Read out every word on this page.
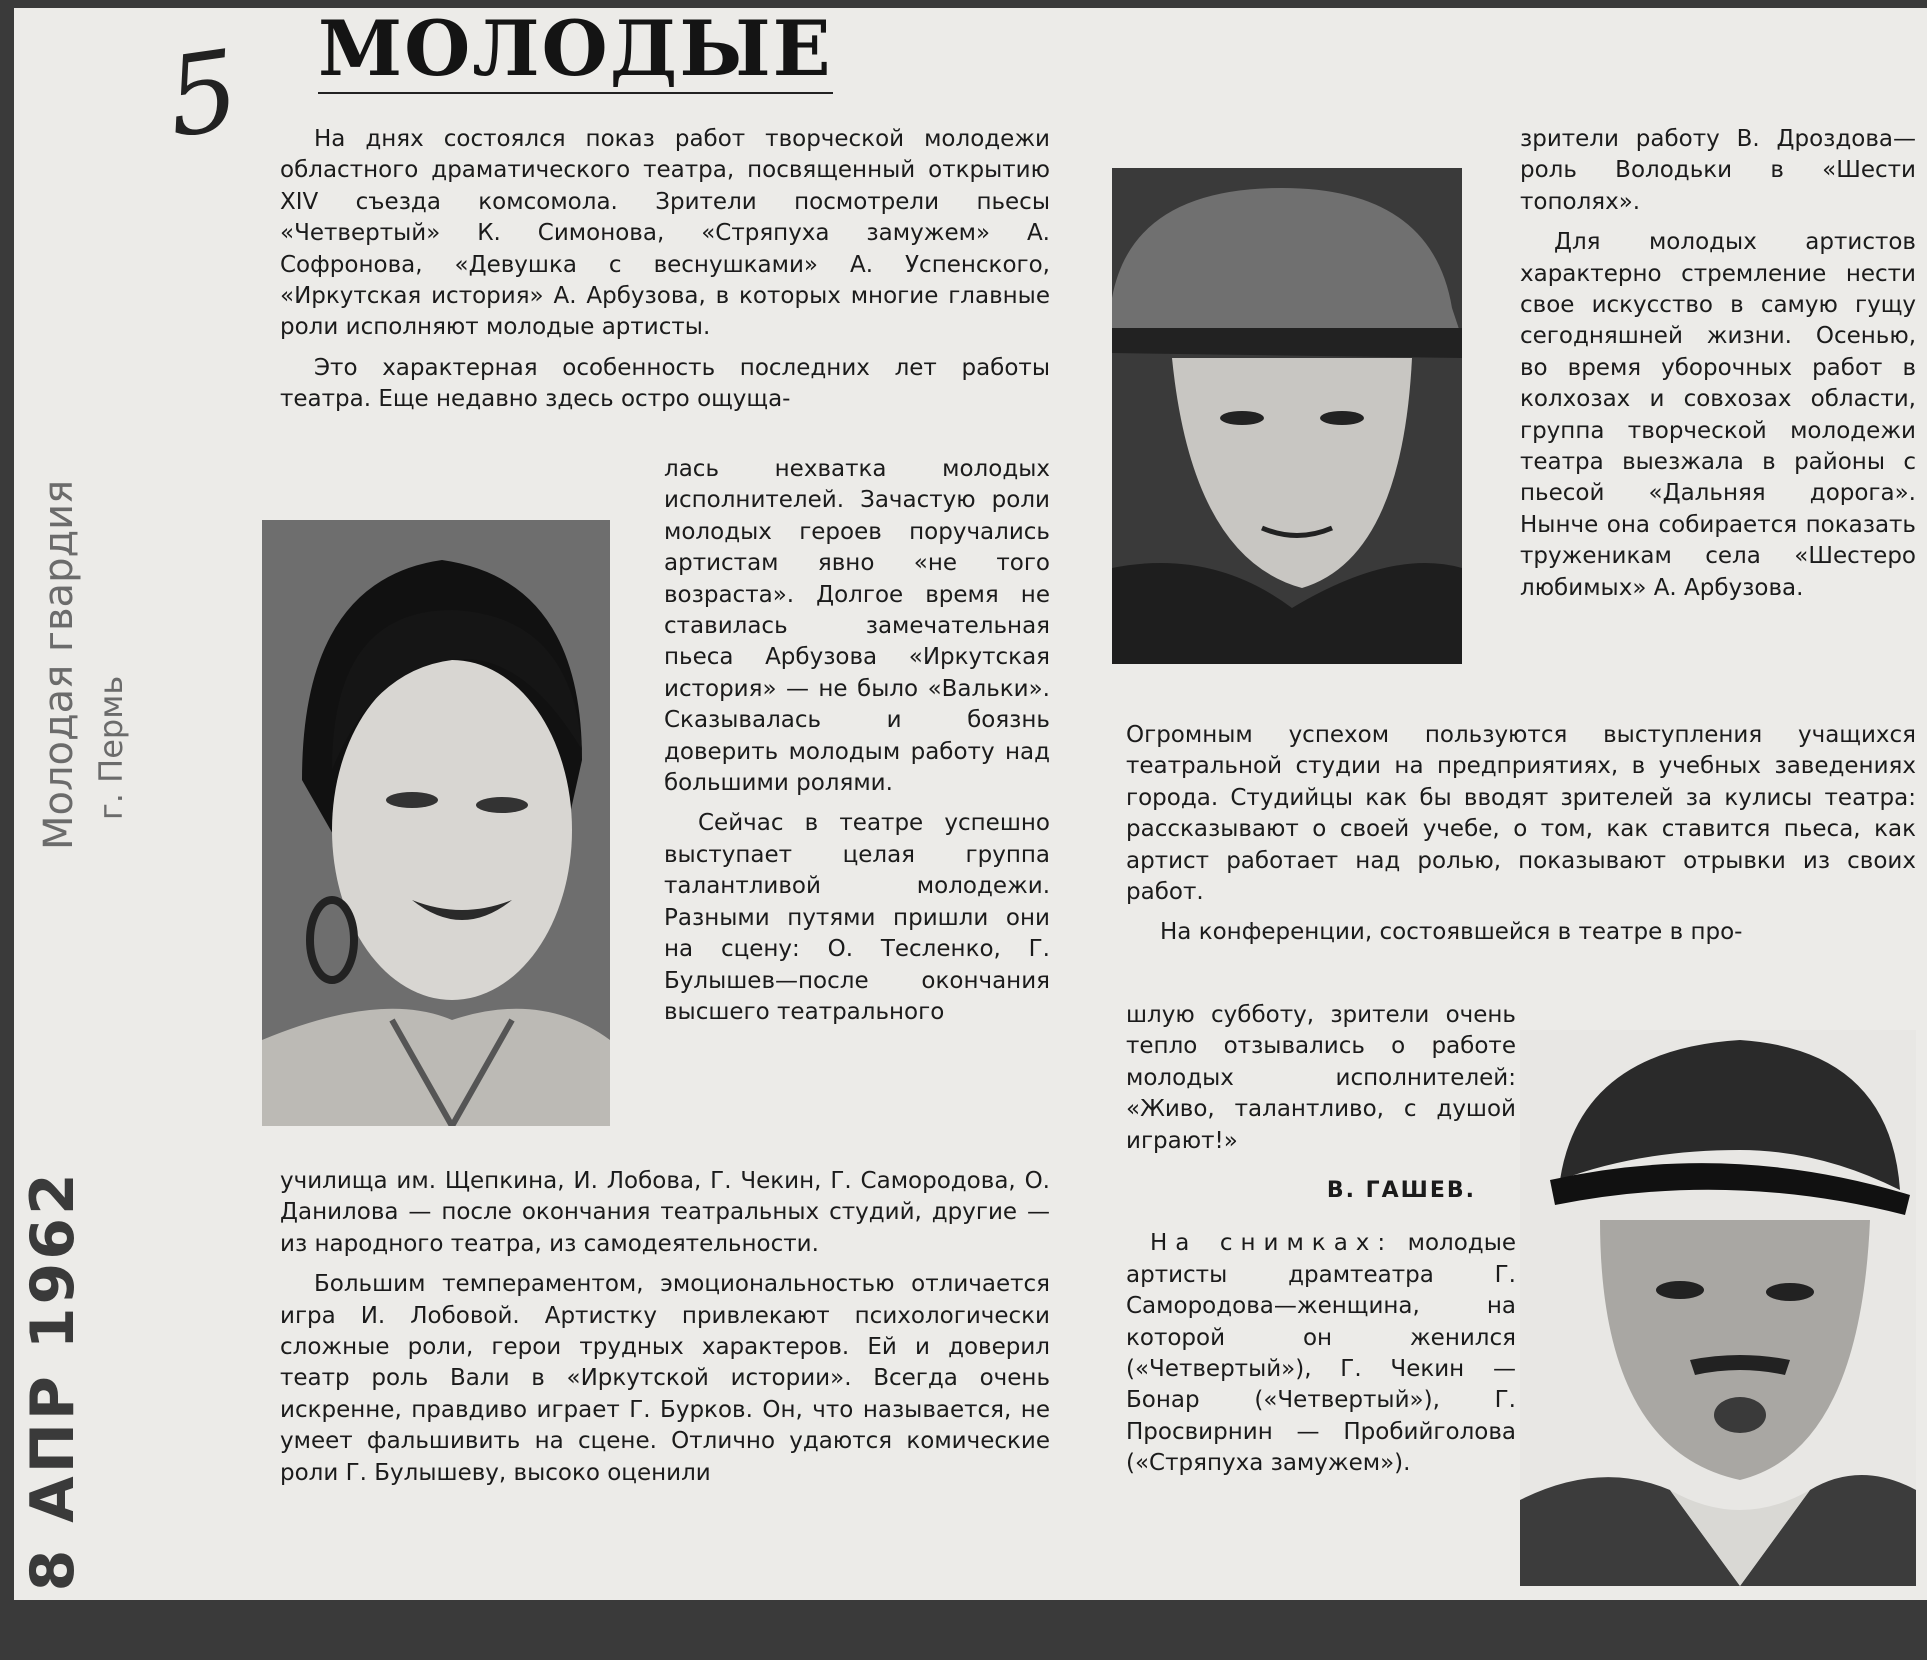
5 МОЛОДЫЕ
Молодая гвардия г. Пермь
1 8 АПР 1962

На днях состоялся показ работ творческой молодежи областного драматического театра, посвященный открытию XIV съезда комсомола. Зрители посмотрели пьесы «Четвертый» К. Симонова, «Стряпуха замужем» А. Софронова, «Девушка с веснушками» А. Успенского, «Иркутская история» А. Арбузова, в которых многие главные роли исполняют молодые артисты.

Это характерная особенность последних лет работы театра. Еще недавно здесь остро ощуща-

лась нехватка молодых исполнителей. Зачастую роли молодых героев поручались артистам явно «не того возраста». Долгое время не ставилась замечательная пьеса Арбузова «Иркутская история» — не было «Вальки». Сказывалась и боязнь доверить молодым работу над большими ролями.

Сейчас в театре успешно выступает целая группа талантливой молодежи. Разными путями пришли они на сцену: О. Тесленко, Г. Булышев—после окончания высшего театрального

училища им. Щепкина, И. Лобова, Г. Чекин, Г. Самородова, О. Данилова — после окончания театральных студий, другие — из народного театра, из самодеятельности.

Большим темпераментом, эмоциональностью отличается игра И. Лобовой. Артистку привлекают психологически сложные роли, герои трудных характеров. Ей и доверил театр роль Вали в «Иркутской истории». Всегда очень искренне, правдиво играет Г. Бурков. Он, что называется, не умеет фальшивить на сцене. Отлично удаются комические роли Г. Булышеву, высоко оценили

зрители работу В. Дроздова—роль Володьки в «Шести тополях».

Для молодых артистов характерно стремление нести свое искусство в самую гущу сегодняшней жизни. Осенью, во время уборочных работ в колхозах и совхозах области, группа творческой молодежи театра выезжала в районы с пьесой «Дальняя дорога». Нынче она собирается показать труженикам села «Шестеро любимых» А. Арбузова.

Огромным успехом пользуются выступления учащихся театральной студии на предприятиях, в учебных заведениях города. Студийцы как бы вводят зрителей за кулисы театра: рассказывают о своей учебе, о том, как ставится пьеса, как артист работает над ролью, показывают отрывки из своих работ.

На конференции, состоявшейся в театре в про-

шлую субботу, зрители очень тепло отзывались о работе молодых исполнителей: «Живо, талантливо, с душой играют!»

В. ГАШЕВ.
На снимках: молодые артисты драмтеатра Г. Самородова—женщина, на которой он женился («Четвертый»), Г. Чекин — Бонар («Четвертый»), Г. Просвирнин — Пробийголова («Стряпуха замужем»).
